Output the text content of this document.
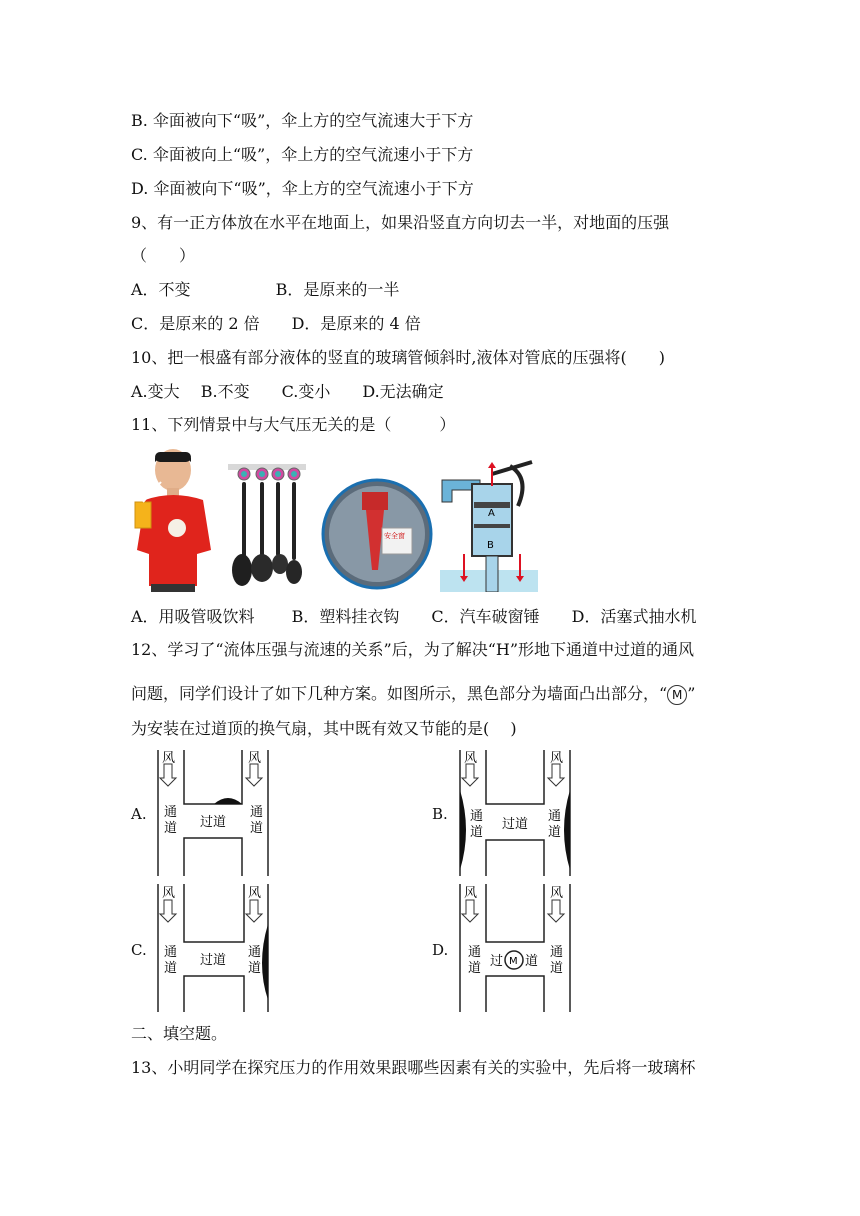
B. 伞面被向下“吸”，伞上方的空气流速大于下方
C. 伞面被向上“吸”，伞上方的空气流速小于下方
D. 伞面被向下“吸”，伞上方的空气流速小于下方
9、有一正方体放在水平在地面上，如果沿竖直方向切去一半，对地面的压强
（　　）
A．不变　　　　　 B．是原来的一半
C．是原来的 2 倍　　D．是原来的 4 倍
10、把一根盛有部分液体的竖直的玻璃管倾斜时,液体对管底的压强将(　　)
A.变大　 B.不变　　C.变小　　D.无法确定
11、下列情景中与大气压无关的是（　　　）
安全窗
A
B
A．用吸管吸饮料　　 B．塑料挂衣钩　　C．汽车破窗锤　　D．活塞式抽水机
12、学习了“流体压强与流速的关系”后，为了解决“H”形地下通道中过道的通风
问题，同学们设计了如下几种方案。如图所示，黑色部分为墙面凸出部分，“ M ”
为安装在过道顶的换气扇，其中既有效又节能的是(　 )
A.
风	风
通
道
通
道
过道	B.
风	风
通
道
通
道
过道
C.
风	风
通
道
通
道
过道
D.
风	风
通
道
通
道
过 M 道
二、填空题。
13、小明同学在探究压力的作用效果跟哪些因素有关的实验中，先后将一玻璃杯
